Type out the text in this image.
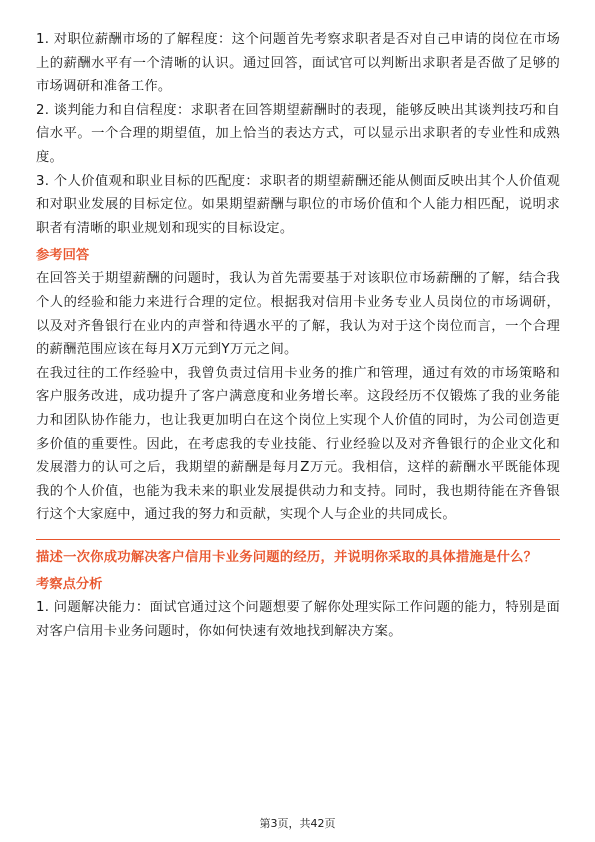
1. 对职位薪酬市场的了解程度：这个问题首先考察求职者是否对自己申请的岗位在市场上的薪酬水平有一个清晰的认识。通过回答，面试官可以判断出求职者是否做了足够的市场调研和准备工作。

2. 谈判能力和自信程度：求职者在回答期望薪酬时的表现，能够反映出其谈判技巧和自信水平。一个合理的期望值，加上恰当的表达方式，可以显示出求职者的专业性和成熟度。

3. 个人价值观和职业目标的匹配度：求职者的期望薪酬还能从侧面反映出其个人价值观和对职业发展的目标定位。如果期望薪酬与职位的市场价值和个人能力相匹配，说明求职者有清晰的职业规划和现实的目标设定。

参考回答

在回答关于期望薪酬的问题时，我认为首先需要基于对该职位市场薪酬的了解，结合我个人的经验和能力来进行合理的定位。根据我对信用卡业务专业人员岗位的市场调研，以及对齐鲁银行在业内的声誉和待遇水平的了解，我认为对于这个岗位而言，一个合理的薪酬范围应该在每月X万元到Y万元之间。

在我过往的工作经验中，我曾负责过信用卡业务的推广和管理，通过有效的市场策略和客户服务改进，成功提升了客户满意度和业务增长率。这段经历不仅锻炼了我的业务能力和团队协作能力，也让我更加明白在这个岗位上实现个人价值的同时，为公司创造更多价值的重要性。因此，在考虑我的专业技能、行业经验以及对齐鲁银行的企业文化和发展潜力的认可之后，我期望的薪酬是每月Z万元。我相信，这样的薪酬水平既能体现我的个人价值，也能为我未来的职业发展提供动力和支持。同时，我也期待能在齐鲁银行这个大家庭中，通过我的努力和贡献，实现个人与企业的共同成长。

描述一次你成功解决客户信用卡业务问题的经历，并说明你采取的具体措施是什么？

考察点分析

1. 问题解决能力：面试官通过这个问题想要了解你处理实际工作问题的能力，特别是面对客户信用卡业务问题时，你如何快速有效地找到解决方案。

第3页，共42页
